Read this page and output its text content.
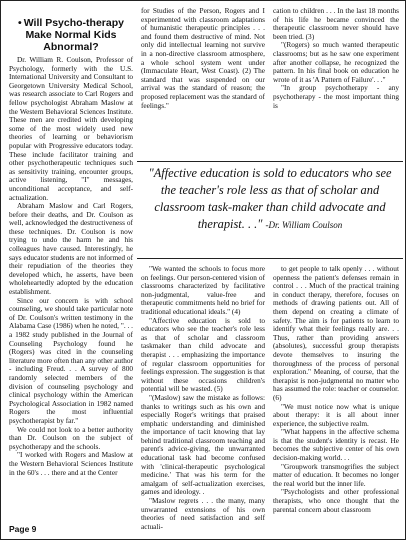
• Will Psycho-therapy Make Normal Kids Abnormal?

Dr. William R. Coulson, Professor of Psychology, formerly with the U.S. International University and Consultant to Georgetown University Medical School, was research associate to Carl Rogers and fellow psychologist Abraham Maslow at the Western Behavioral Sciences Institute. These men are credited with developing some of the most widely used new theories of learning or behaviorism popular with Progressive educators today. These include facilitator training and other psychotherapeutic techniques such as sensitivity training, encounter groups, active listening, "I" messages, unconditional acceptance, and self-actualization.

Abraham Maslow and Carl Rogers, before their deaths, and Dr. Coulson as well, acknowledged the destructiveness of these techniques. Dr. Coulson is now trying to undo the harm he and his colleagues have caused. Interestingly, he says educator students are not informed of their repudiation of the theories they developed which, he asserts, have been wholeheartedly adopted by the education establishment.

Since our concern is with school counseling, we should take particular note of Dr. Coulson's written testimony in the Alabama Case (1986) when he noted, ". . . a 1982 study published in the Journal of Counseling Psychology found he (Rogers) was cited in the counseling literature more often than any other author - including Freud. . . A survey of 800 randomly selected members of the division of counseling psychology and clinical psychology within the American Psychological Association in 1982 named Rogers the most influential psychotherapist by far."

We could not look to a better authority than Dr. Coulson on the subject of psychotherapy and the schools.

"I worked with Rogers and Maslow at the Western Behavioral Sciences Institute in the 60's . . . there and at the Center

for Studies of the Person, Rogers and I experimented with classroom adaptations of humanistic therapeutic principles . . . and found them destructive of mind. Not only did intellectual learning not survive in a non-directive classroom atmosphere, a whole school system went under (Immaculate Heart, West Coast). (2) The standard that was suspended on our arrival was the standard of reason; the proposed replacement was the standard of feelings."

cation to children . . . In the last 18 months of his life he became convinced the therapeutic classroom never should have been tried. (3)

"(Rogers) so much wanted therapeutic classrooms; but as he saw one experiment after another collapse, he recognized the pattern. In his final book on education he wrote of it as 'A Pattern of Failure'. . ."

"In group psychotherapy - any psychotherapy - the most important thing is

"Affective education is sold to educators who see the teacher's role less as that of scholar and classroom task-maker than child advocate and therapist. . ." -Dr. William Coulson

"We wanted the schools to focus more on feelings. Our person-centered vision of classrooms characterized by facilitative non-judgmental, value-free and therapeutic commitments held no brief for traditional educational ideals." (4)

"Affective education is sold to educators who see the teacher's role less as that of scholar and classroom taskmaker than child advocate and therapist . . . emphasizing the importance of regular classroom opportunities for feelings expression. The suggestion is that without these occasions children's potential will be wasted. (5)

"(Maslow) saw the mistake as follows: thanks to writings such as his own and especially Roger's writings that praised emphatic understanding and diminished the importance of tacit knowing that lay behind traditional classroom teaching and parent's advice-giving, the unwarranted educational task had become confused with 'clinical-therapeutic psychological medicine.' That was his term for the amalgam of self-actualization exercises, games and ideology. .

"Maslow regrets . . . the many, many unwarranted extensions of his own theories of need satisfaction and self actuali-

to get people to talk openly . . . without openness the patient's defenses remain in control . . . Much of the practical training in conduct therapy, therefore, focuses on methods of drawing patients out. All of them depend on creating a climate of safety. The aim is for patients to learn to identify what their feelings really are. . . Thus, rather than providing answers (absolutes), successful group therapists devote themselves to insuring the thoroughness of the process of personal exploration." Meaning, of course, that the therapist is non-judgmental no matter who has assumed the role: teacher or counselor. (6)

"We must notice now what is unique about therapy: it is all about inner experience, the subjective realm.

"What happens in the affective schema is that the student's identity is recast. He becomes the subjective center of his own decision-making world. . .

"Groupwork transmogrifies the subject matter of education. It becomes no longer the real world but the inner life.

"Psychologists and other professional therapists, who once thought that the parental concern about classroom

Page 9
